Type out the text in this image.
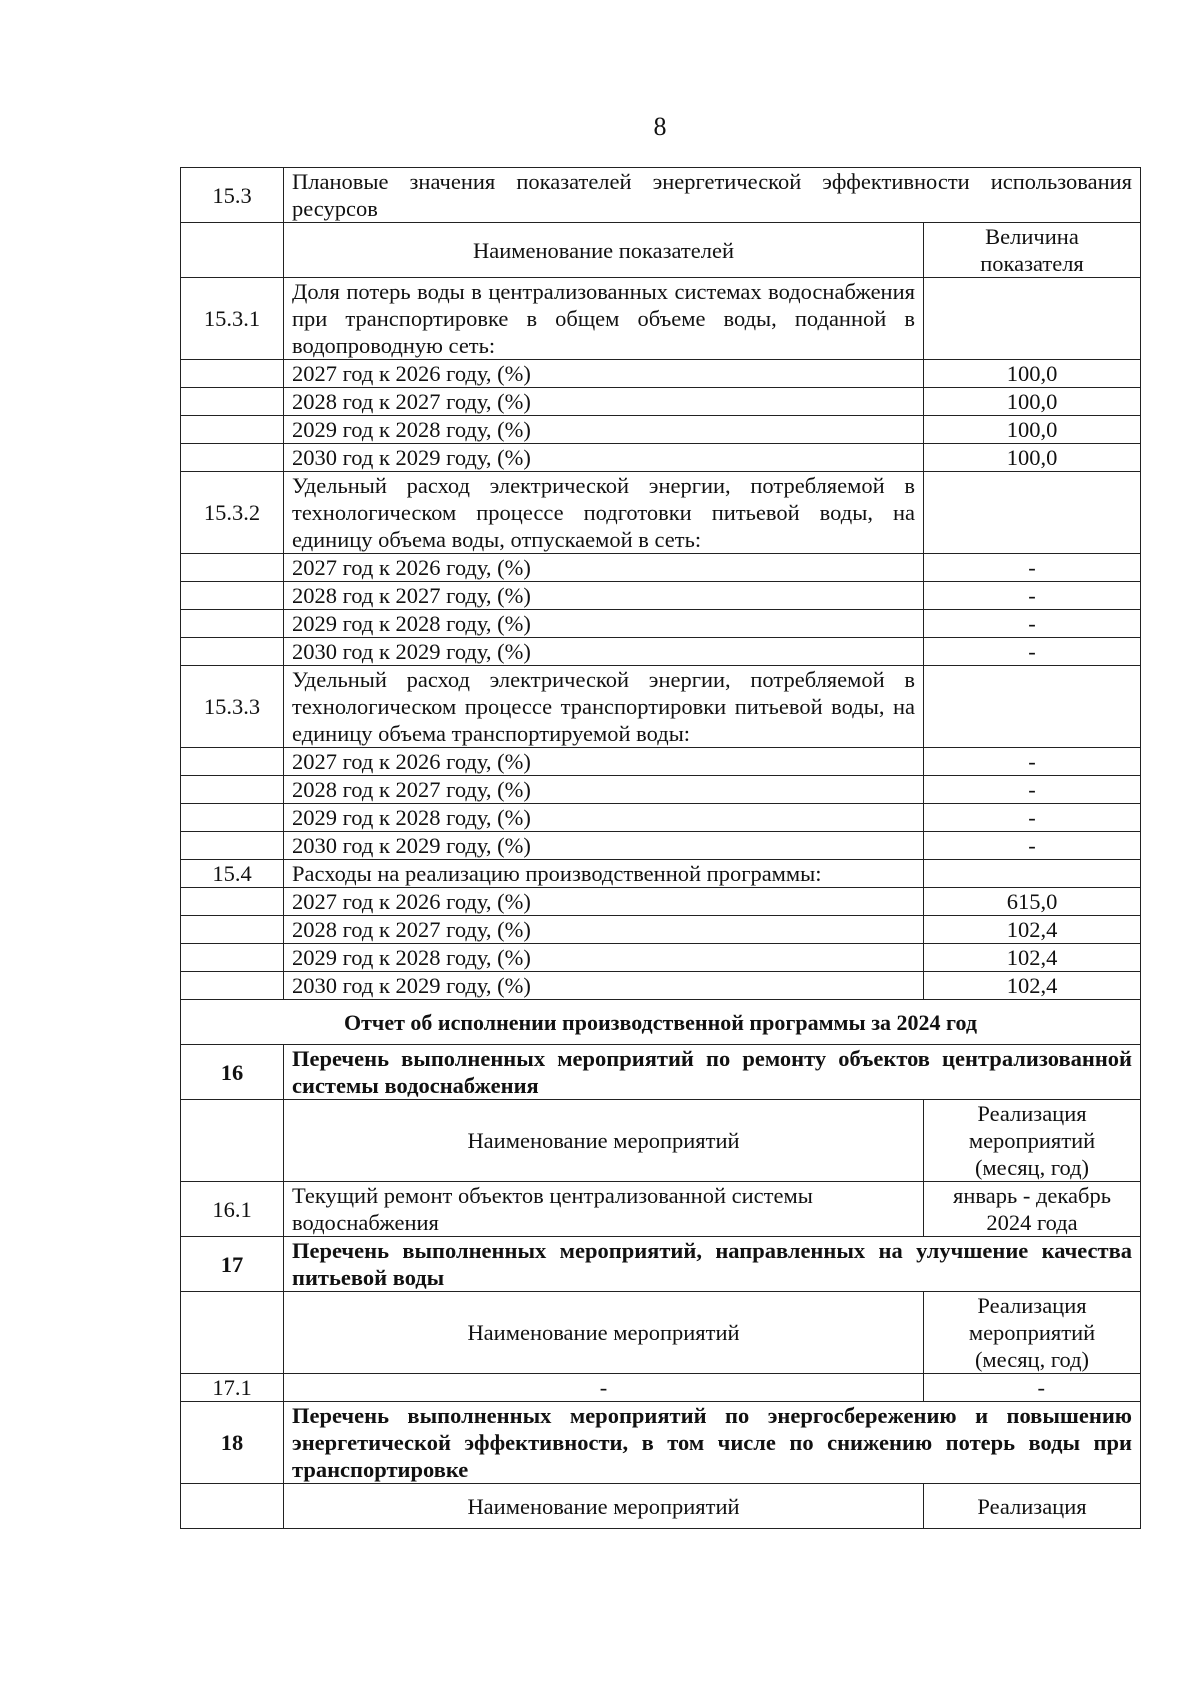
8
15.3	Плановые значения показателей энергетической эффективности использования ресурсов	
	Наименование показателей	Величина показателя
15.3.1	Доля потерь воды в централизованных системах водоснабжения при транспортировке в общем объеме воды, поданной в водопроводную сеть:	
	2027 год к 2026 году, (%)	100,0
	2028 год к 2027 году, (%)	100,0
	2029 год к 2028 году, (%)	100,0
	2030 год к 2029 году, (%)	100,0
15.3.2	Удельный расход электрической энергии, потребляемой в технологическом процессе подготовки питьевой воды, на единицу объема воды, отпускаемой в сеть:	
	2027 год к 2026 году, (%)	-
	2028 год к 2027 году, (%)	-
	2029 год к 2028 году, (%)	-
	2030 год к 2029 году, (%)	-
15.3.3	Удельный расход электрической энергии, потребляемой в технологическом процессе транспортировки питьевой воды, на единицу объема транспортируемой воды:	
	2027 год к 2026 году, (%)	-
	2028 год к 2027 году, (%)	-
	2029 год к 2028 году, (%)	-
	2030 год к 2029 году, (%)	-
15.4	Расходы на реализацию производственной программы:	
	2027 год к 2026 году, (%)	615,0
	2028 год к 2027 году, (%)	102,4
	2029 год к 2028 году, (%)	102,4
	2030 год к 2029 году, (%)	102,4
Отчет об исполнении производственной программы за 2024 год		
16	Перечень выполненных мероприятий по ремонту объектов централизованной системы водоснабжения	
	Наименование мероприятий	Реализация мероприятий (месяц, год)
16.1	Текущий ремонт объектов централизованной системы водоснабжения	январь - декабрь 2024 года
17	Перечень выполненных мероприятий, направленных на улучшение качества питьевой воды	
	Наименование мероприятий	Реализация мероприятий (месяц, год)
17.1	-	-
18	Перечень выполненных мероприятий по энергосбережению и повышению энергетической эффективности, в том числе по снижению потерь воды при транспортировке	
	Наименование мероприятий	Реализация
